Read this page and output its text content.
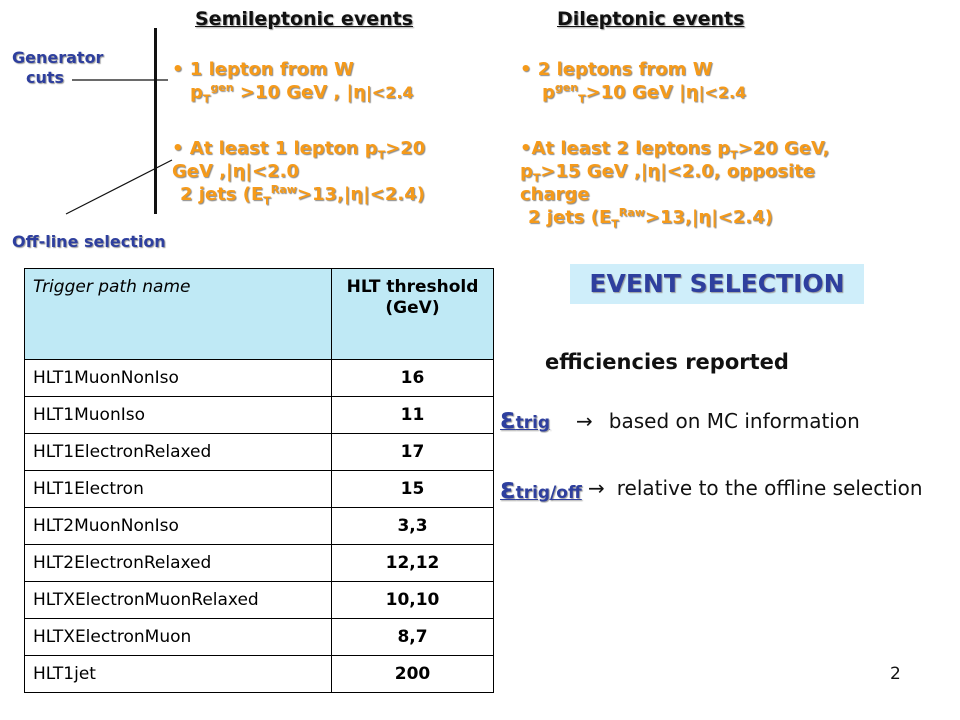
Semileptonic events	Dileptonic events
Generator
cuts
Off-line selection
• 1 lepton from W
$p_T^{gen} >10$ GeV , |η|<2.4
• At least 1 lepton $p_T>20$
GeV ,|η|<2.0
2 jets $(E_T^{Raw}>13,|\eta|<2.4)$
• 2 leptons from W
$p^{gen}_T>10$ GeV |η|<2.4
•At least 2 leptons $p_T>20$ GeV,
$p_T>15$ GeV ,|η|<2.0, opposite
charge
2 jets $(E_T^{Raw}>13,|\eta|<2.4)$
Trigger path name	HLT threshold (GeV)
HLT1MuonNonIso	16
HLT1MuonIso	11
HLT1ElectronRelaxed	17
HLT1Electron	15
HLT2MuonNonIso	3,3
HLT2ElectronRelaxed	12,12
HLTXElectronMuonRelaxed	10,10
HLTXElectronMuon	8,7
HLT1jet	200
EVENT SELECTION
efficiencies reported
εtrig → based on MC information
εtrig/off → relative to the offline selection
2
